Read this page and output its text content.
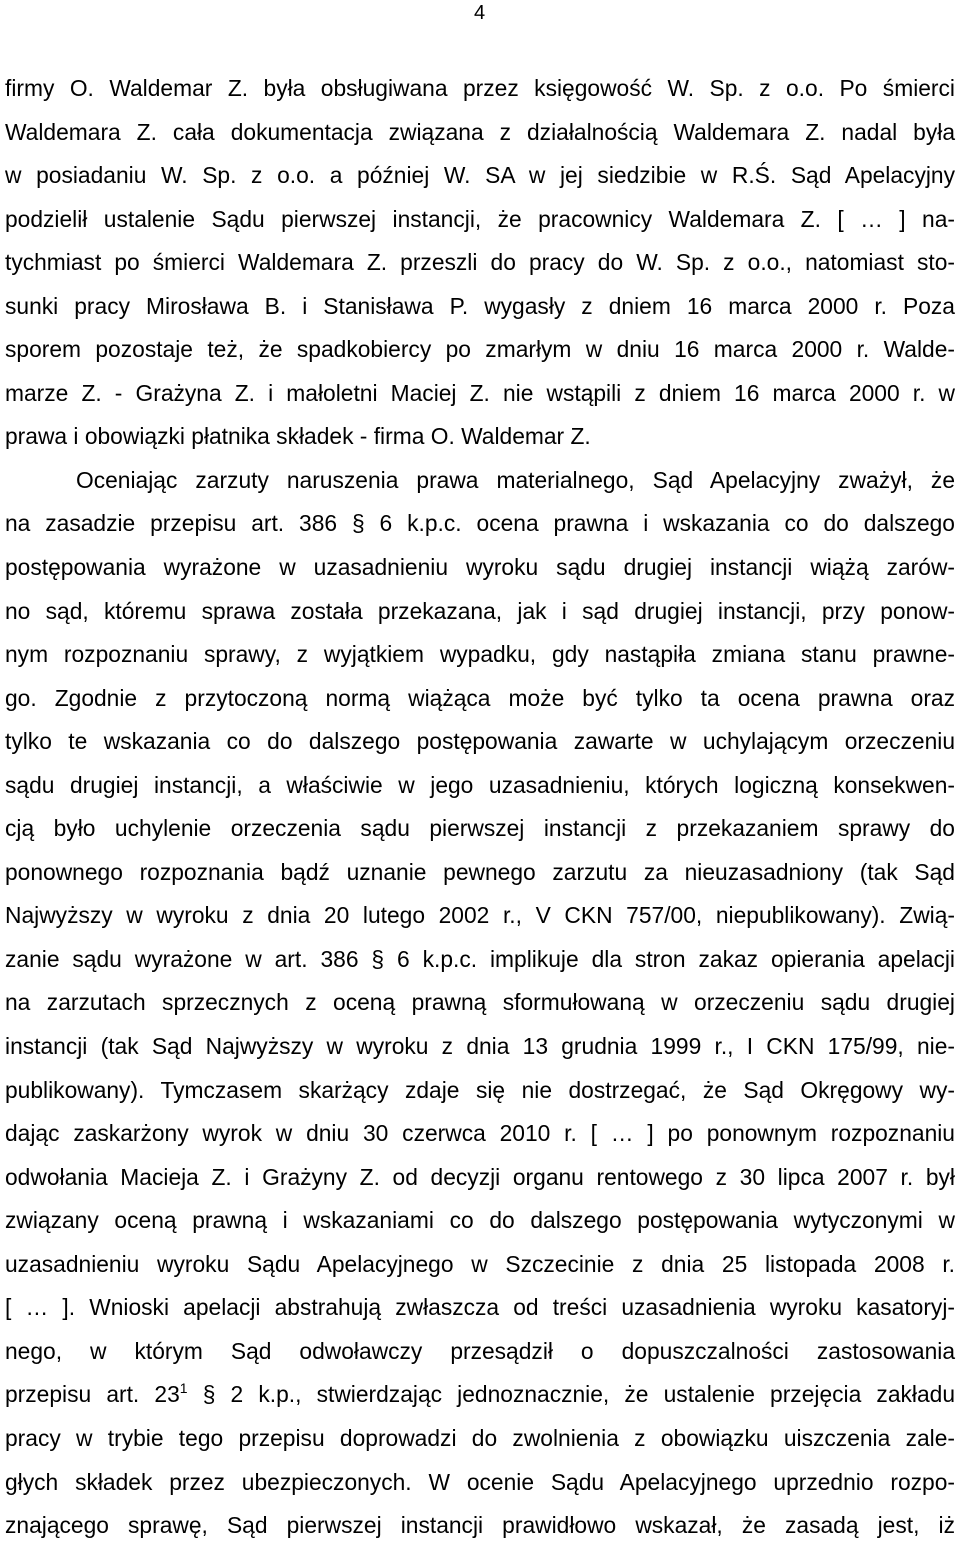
4
firmy O. Waldemar Z. była obsługiwana przez księgowość W. Sp. z o.o. Po śmierci
Waldemara Z. cała dokumentacja związana z działalnością Waldemara Z. nadal była
w posiadaniu W. Sp. z o.o. a później W. SA w jej siedzibie w R.Ś. Sąd Apelacyjny
podzielił ustalenie Sądu pierwszej instancji, że pracownicy Waldemara Z. [ … ] na-
tychmiast po śmierci Waldemara Z. przeszli do pracy do W. Sp. z o.o., natomiast sto-
sunki pracy Mirosława B. i Stanisława P. wygasły z dniem 16 marca 2000 r. Poza
sporem pozostaje też, że spadkobiercy po zmarłym w dniu 16 marca 2000 r. Walde-
marze Z. - Grażyna Z. i małoletni Maciej Z. nie wstąpili z dniem 16 marca 2000 r. w
prawa i obowiązki płatnika składek - firma O. Waldemar Z.
Oceniając zarzuty naruszenia prawa materialnego, Sąd Apelacyjny zważył, że
na zasadzie przepisu art. 386 § 6 k.p.c. ocena prawna i wskazania co do dalszego
postępowania wyrażone w uzasadnieniu wyroku sądu drugiej instancji wiążą zarów-
no sąd, któremu sprawa została przekazana, jak i sąd drugiej instancji, przy ponow-
nym rozpoznaniu sprawy, z wyjątkiem wypadku, gdy nastąpiła zmiana stanu prawne-
go. Zgodnie z przytoczoną normą wiążąca może być tylko ta ocena prawna oraz
tylko te wskazania co do dalszego postępowania zawarte w uchylającym orzeczeniu
sądu drugiej instancji, a właściwie w jego uzasadnieniu, których logiczną konsekwen-
cją było uchylenie orzeczenia sądu pierwszej instancji z przekazaniem sprawy do
ponownego rozpoznania bądź uznanie pewnego zarzutu za nieuzasadniony (tak Sąd
Najwyższy w wyroku z dnia 20 lutego 2002 r., V CKN 757/00, niepublikowany). Zwią-
zanie sądu wyrażone w art. 386 § 6 k.p.c. implikuje dla stron zakaz opierania apelacji
na zarzutach sprzecznych z oceną prawną sformułowaną w orzeczeniu sądu drugiej
instancji (tak Sąd Najwyższy w wyroku z dnia 13 grudnia 1999 r., I CKN 175/99, nie-
publikowany). Tymczasem skarżący zdaje się nie dostrzegać, że Sąd Okręgowy wy-
dając zaskarżony wyrok w dniu 30 czerwca 2010 r. [ … ] po ponownym rozpoznaniu
odwołania Macieja Z. i Grażyny Z. od decyzji organu rentowego z 30 lipca 2007 r. był
związany oceną prawną i wskazaniami co do dalszego postępowania wytyczonymi w
uzasadnieniu wyroku Sądu Apelacyjnego w Szczecinie z dnia 25 listopada 2008 r.
[ … ]. Wnioski apelacji abstrahują zwłaszcza od treści uzasadnienia wyroku kasatoryj-
nego, w którym Sąd odwoławczy przesądził o dopuszczalności zastosowania
przepisu art. $23^1$ § 2 k.p., stwierdzając jednoznacznie, że ustalenie przejęcia zakładu
pracy w trybie tego przepisu doprowadzi do zwolnienia z obowiązku uiszczenia zale-
głych składek przez ubezpieczonych. W ocenie Sądu Apelacyjnego uprzednio rozpo-
znającego sprawę, Sąd pierwszej instancji prawidłowo wskazał, że zasadą jest, iż
